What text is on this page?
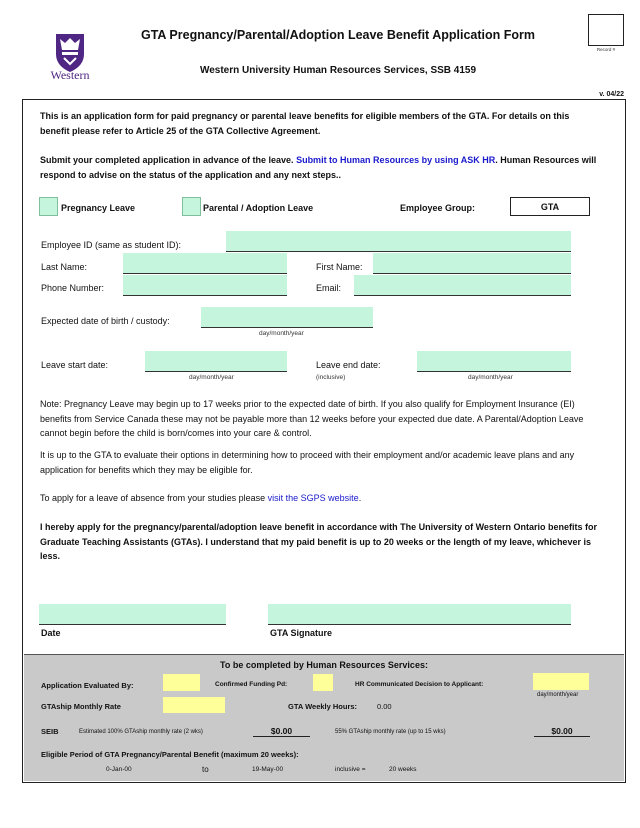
Western
GTA Pregnancy/Parental/Adoption Leave Benefit Application Form
Western University Human Resources Services, SSB 4159
Record #
v. 04/22
This is an application form for paid pregnancy or parental leave benefits for eligible members of the GTA. For details on this benefit please refer to Article 25 of the GTA Collective Agreement.
Submit your completed application in advance of the leave. Submit to Human Resources by using ASK HR. Human Resources will respond to advise on the status of the application and any next steps..
Pregnancy Leave	Parental / Adoption Leave	Employee Group:	GTA
Employee ID (same as student ID):
Last Name:	First Name:
Phone Number:	Email:
Expected date of birth / custody:
day/month/year
Leave start date:
day/month/year
Leave end date:
(inclusive)	day/month/year
Note: Pregnancy Leave may begin up to 17 weeks prior to the expected date of birth. If you also qualify for Employment Insurance (EI) benefits from Service Canada these may not be payable more than 12 weeks before your expected due date. A Parental/Adoption Leave cannot begin before the child is born/comes into your care & control.
It is up to the GTA to evaluate their options in determining how to proceed with their employment and/or academic leave plans and any application for benefits which they may be eligible for.
To apply for a leave of absence from your studies please visit the SGPS website.
I hereby apply for the pregnancy/parental/adoption leave benefit in accordance with The University of Western Ontario benefits for Graduate Teaching Assistants (GTAs). I understand that my paid benefit is up to 20 weeks or the length of my leave, whichever is less.
Date	GTA Signature
To be completed by Human Resources Services:
Application Evaluated By:	Confirmed Funding Pd:	HR Communicated Decision to Applicant:
day/month/year
GTAship Monthly Rate	GTA Weekly Hours:	0.00
SEIB	Estimated 100% GTAship monthly rate (2 wks)	$0.00	55% GTAship monthly rate (up to 15 wks)	$0.00
Eligible Period of GTA Pregnancy/Parental Benefit (maximum 20 weeks):
0-Jan-00	to	19-May-00	inclusive =	20 weeks
